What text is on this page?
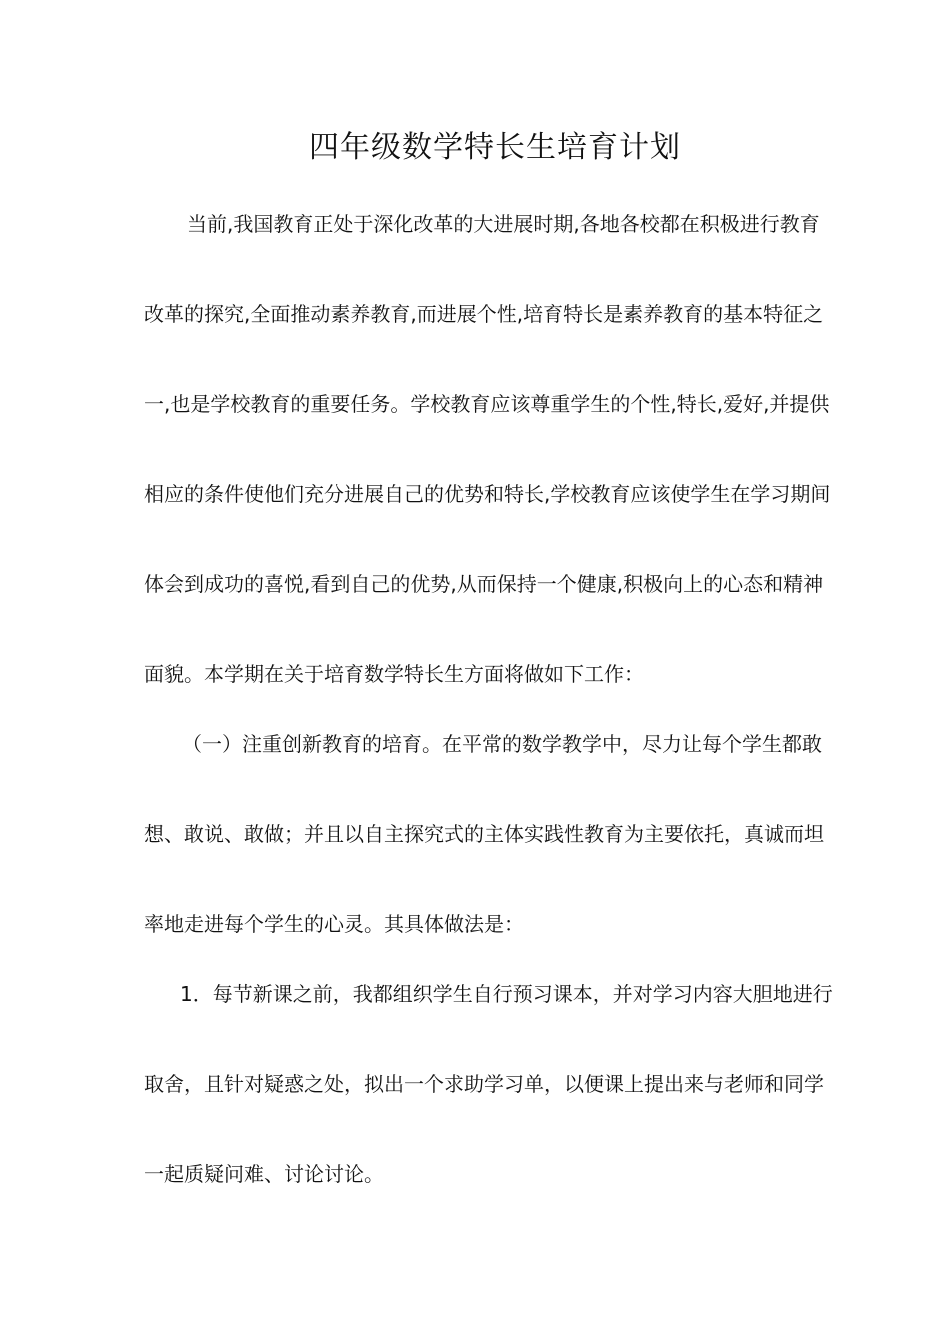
四年级数学特长生培育计划
当前,我国教育正处于深化改革的大进展时期,各地各校都在积极进行教育
改革的探究,全面推动素养教育,而进展个性,培育特长是素养教育的基本特征之
一,也是学校教育的重要任务。学校教育应该尊重学生的个性,特长,爱好,并提供
相应的条件使他们充分进展自己的优势和特长,学校教育应该使学生在学习期间
体会到成功的喜悦,看到自己的优势,从而保持一个健康,积极向上的心态和精神
面貌。本学期在关于培育数学特长生方面将做如下工作：
（一）注重创新教育的培育。在平常的数学教学中，尽力让每个学生都敢
想、敢说、敢做；并且以自主探究式的主体实践性教育为主要依托，真诚而坦
率地走进每个学生的心灵。其具体做法是：
1．每节新课之前，我都组织学生自行预习课本，并对学习内容大胆地进行
取舍，且针对疑惑之处，拟出一个求助学习单，以便课上提出来与老师和同学
一起质疑问难、讨论讨论。
